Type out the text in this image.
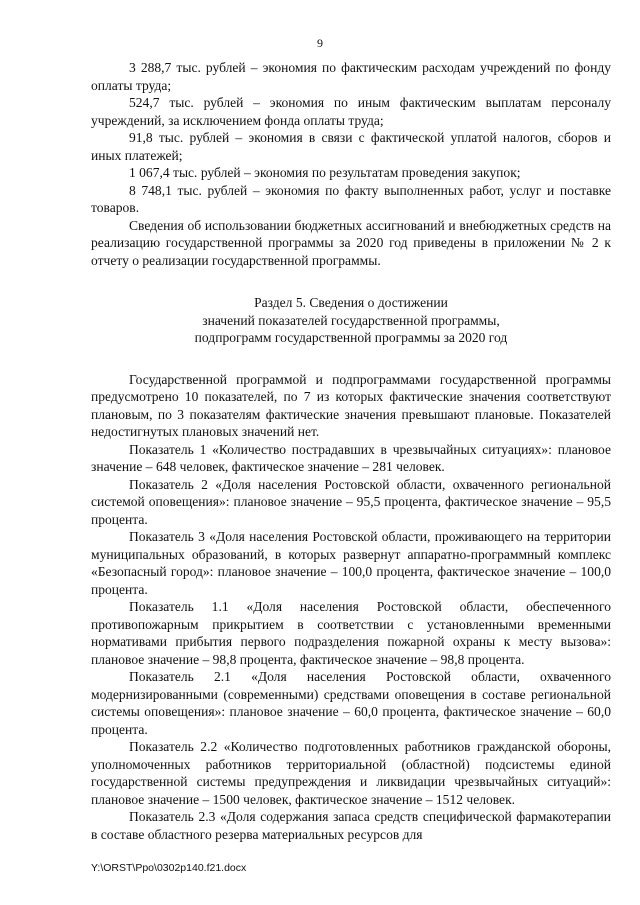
9

3 288,7 тыс. рублей – экономия по фактическим расходам учреждений по фонду оплаты труда;

524,7 тыс. рублей – экономия по иным фактическим выплатам персоналу учреждений, за исключением фонда оплаты труда;

91,8 тыс. рублей – экономия в связи с фактической уплатой налогов, сборов и иных платежей;

1 067,4 тыс. рублей – экономия по результатам проведения закупок;

8 748,1 тыс. рублей – экономия по факту выполненных работ, услуг и поставке товаров.

Сведения об использовании бюджетных ассигнований и внебюджетных средств на реализацию государственной программы за 2020 год приведены в приложении № 2 к отчету о реализации государственной программы.

Раздел 5. Сведения о достижении
значений показателей государственной программы,
подпрограмм государственной программы за 2020 год

Государственной программой и подпрограммами государственной программы предусмотрено 10 показателей, по 7 из которых фактические значения соответствуют плановым, по 3 показателям фактические значения превышают плановые. Показателей недостигнутых плановых значений нет.

Показатель 1 «Количество пострадавших в чрезвычайных ситуациях»: плановое значение – 648 человек, фактическое значение – 281 человек.

Показатель 2 «Доля населения Ростовской области, охваченного региональной системой оповещения»: плановое значение – 95,5 процента, фактическое значение – 95,5 процента.

Показатель 3 «Доля населения Ростовской области, проживающего на территории муниципальных образований, в которых развернут аппаратно-программный комплекс «Безопасный город»: плановое значение – 100,0 процента, фактическое значение – 100,0 процента.

Показатель 1.1 «Доля населения Ростовской области, обеспеченного противопожарным прикрытием в соответствии с установленными временными нормативами прибытия первого подразделения пожарной охраны к месту вызова»: плановое значение – 98,8 процента, фактическое значение – 98,8 процента.

Показатель 2.1 «Доля населения Ростовской области, охваченного модернизированными (современными) средствами оповещения в составе региональной системы оповещения»: плановое значение – 60,0 процента, фактическое значение – 60,0 процента.

Показатель 2.2 «Количество подготовленных работников гражданской обороны, уполномоченных работников территориальной (областной) подсистемы единой государственной системы предупреждения и ликвидации чрезвычайных ситуаций»: плановое значение – 1500 человек, фактическое значение – 1512 человек.

Показатель 2.3 «Доля содержания запаса средств специфической фармакотерапии в составе областного резерва материальных ресурсов для

Y:\ORST\Ppo\0302p140.f21.docx
